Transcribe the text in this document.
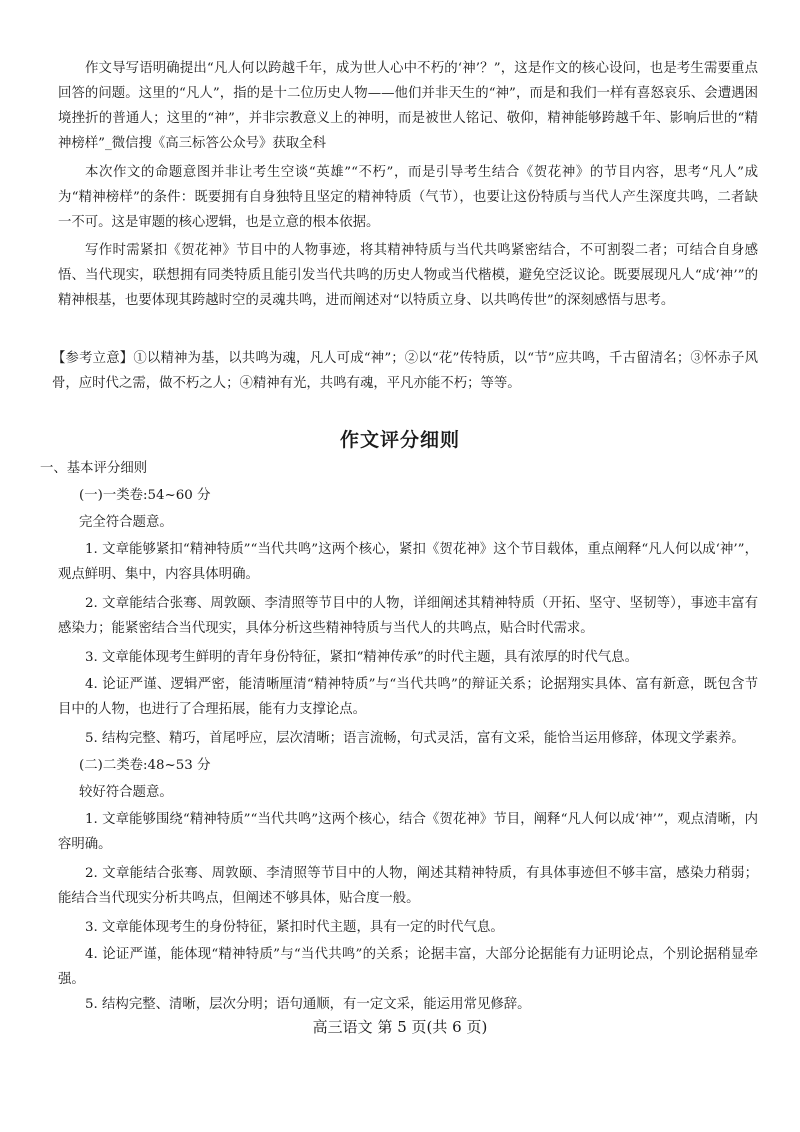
作文导写语明确提出“凡人何以跨越千年，成为世人心中不朽的‘神’？”，这是作文的核心设问，也是考生需要重点回答的问题。这里的“凡人”，指的是十二位历史人物——他们并非天生的“神”，而是和我们一样有喜怒哀乐、会遭遇困境挫折的普通人；这里的“神”，并非宗教意义上的神明，而是被世人铭记、敬仰，精神能够跨越千年、影响后世的“精神榜样”_微信搜《高三标答公众号》获取全科
本次作文的命题意图并非让考生空谈“英雄”“不朽”，而是引导考生结合《贺花神》的节目内容，思考“凡人”成为“精神榜样”的条件：既要拥有自身独特且坚定的精神特质（气节），也要让这份特质与当代人产生深度共鸣，二者缺一不可。这是审题的核心逻辑，也是立意的根本依据。
写作时需紧扣《贺花神》节目中的人物事迹，将其精神特质与当代共鸣紧密结合，不可割裂二者；可结合自身感悟、当代现实，联想拥有同类特质且能引发当代共鸣的历史人物或当代楷模，避免空泛议论。既要展现凡人“成‘神’”的精神根基，也要体现其跨越时空的灵魂共鸣，进而阐述对“以特质立身、以共鸣传世”的深刻感悟与思考。
【参考立意】①以精神为基，以共鸣为魂，凡人可成“神”；②以“花”传特质，以“节”应共鸣，千古留清名；③怀赤子风骨，应时代之需，做不朽之人；④精神有光，共鸣有魂，平凡亦能不朽；等等。
作文评分细则
一、基本评分细则
(一)一类卷:54~60 分
完全符合题意。
1. 文章能够紧扣“精神特质”“当代共鸣”这两个核心，紧扣《贺花神》这个节目载体，重点阐释“凡人何以成‘神’”，观点鲜明、集中，内容具体明确。
2. 文章能结合张骞、周敦颐、李清照等节目中的人物，详细阐述其精神特质（开拓、坚守、坚韧等），事迹丰富有感染力；能紧密结合当代现实，具体分析这些精神特质与当代人的共鸣点，贴合时代需求。
3. 文章能体现考生鲜明的青年身份特征，紧扣“精神传承”的时代主题，具有浓厚的时代气息。
4. 论证严谨、逻辑严密，能清晰厘清“精神特质”与“当代共鸣”的辩证关系；论据翔实具体、富有新意，既包含节目中的人物，也进行了合理拓展，能有力支撑论点。
5. 结构完整、精巧，首尾呼应，层次清晰；语言流畅，句式灵活，富有文采，能恰当运用修辞，体现文学素养。
(二)二类卷:48~53 分
较好符合题意。
1. 文章能够围绕“精神特质”“当代共鸣”这两个核心，结合《贺花神》节目，阐释“凡人何以成‘神’”，观点清晰，内容明确。
2. 文章能结合张骞、周敦颐、李清照等节目中的人物，阐述其精神特质，有具体事迹但不够丰富，感染力稍弱；能结合当代现实分析共鸣点，但阐述不够具体，贴合度一般。
3. 文章能体现考生的身份特征，紧扣时代主题，具有一定的时代气息。
4. 论证严谨，能体现“精神特质”与“当代共鸣”的关系；论据丰富，大部分论据能有力证明论点，个别论据稍显牵强。
5. 结构完整、清晰，层次分明；语句通顺，有一定文采，能运用常见修辞。
高三语文 第 5 页(共 6 页)
